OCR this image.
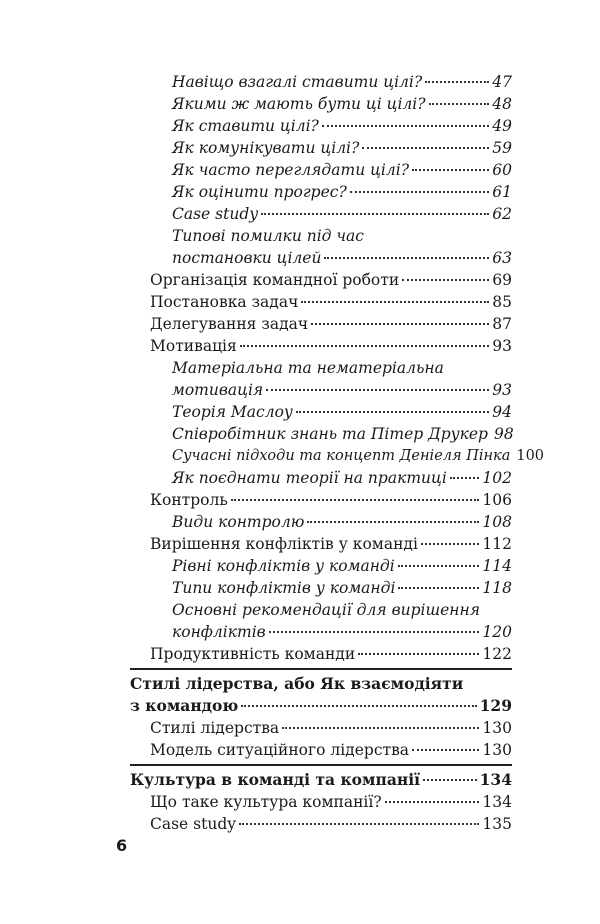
Навіщо взагалі ставити цілі?	47
Якими ж мають бути ці цілі?	48
Як ставити цілі?	49
Як комунікувати цілі?	59
Як часто переглядати цілі?	60
Як оцінити прогрес?	61
Case study	62
Типові помилки під час
постановки цілей	63
Організація командної роботи	69
Постановка задач	85
Делегування задач	87
Мотивація	93
Матеріальна та нематеріальна
мотивація	93
Теорія Маслоу	94
Співробітник знань та Пітер Друкер 98
Сучасні підходи та концепт Деніеля Пінка 100
Як поєднати теорії на практиці 102
Контроль	106
Види контролю	108
Вирішення конфліктів у команді	112
Рівні конфліктів у команді	114
Типи конфліктів у команді	118
Основні рекомендації для вирішення
конфліктів	120
Продуктивність команди	122
Стилі лідерства, або Як взаємодіяти
з командою	129
Стилі лідерства	130
Модель ситуаційного лідерства	130
Культура в команді та компанії	134
Що таке культура компанії?	134
Case study	135
6
